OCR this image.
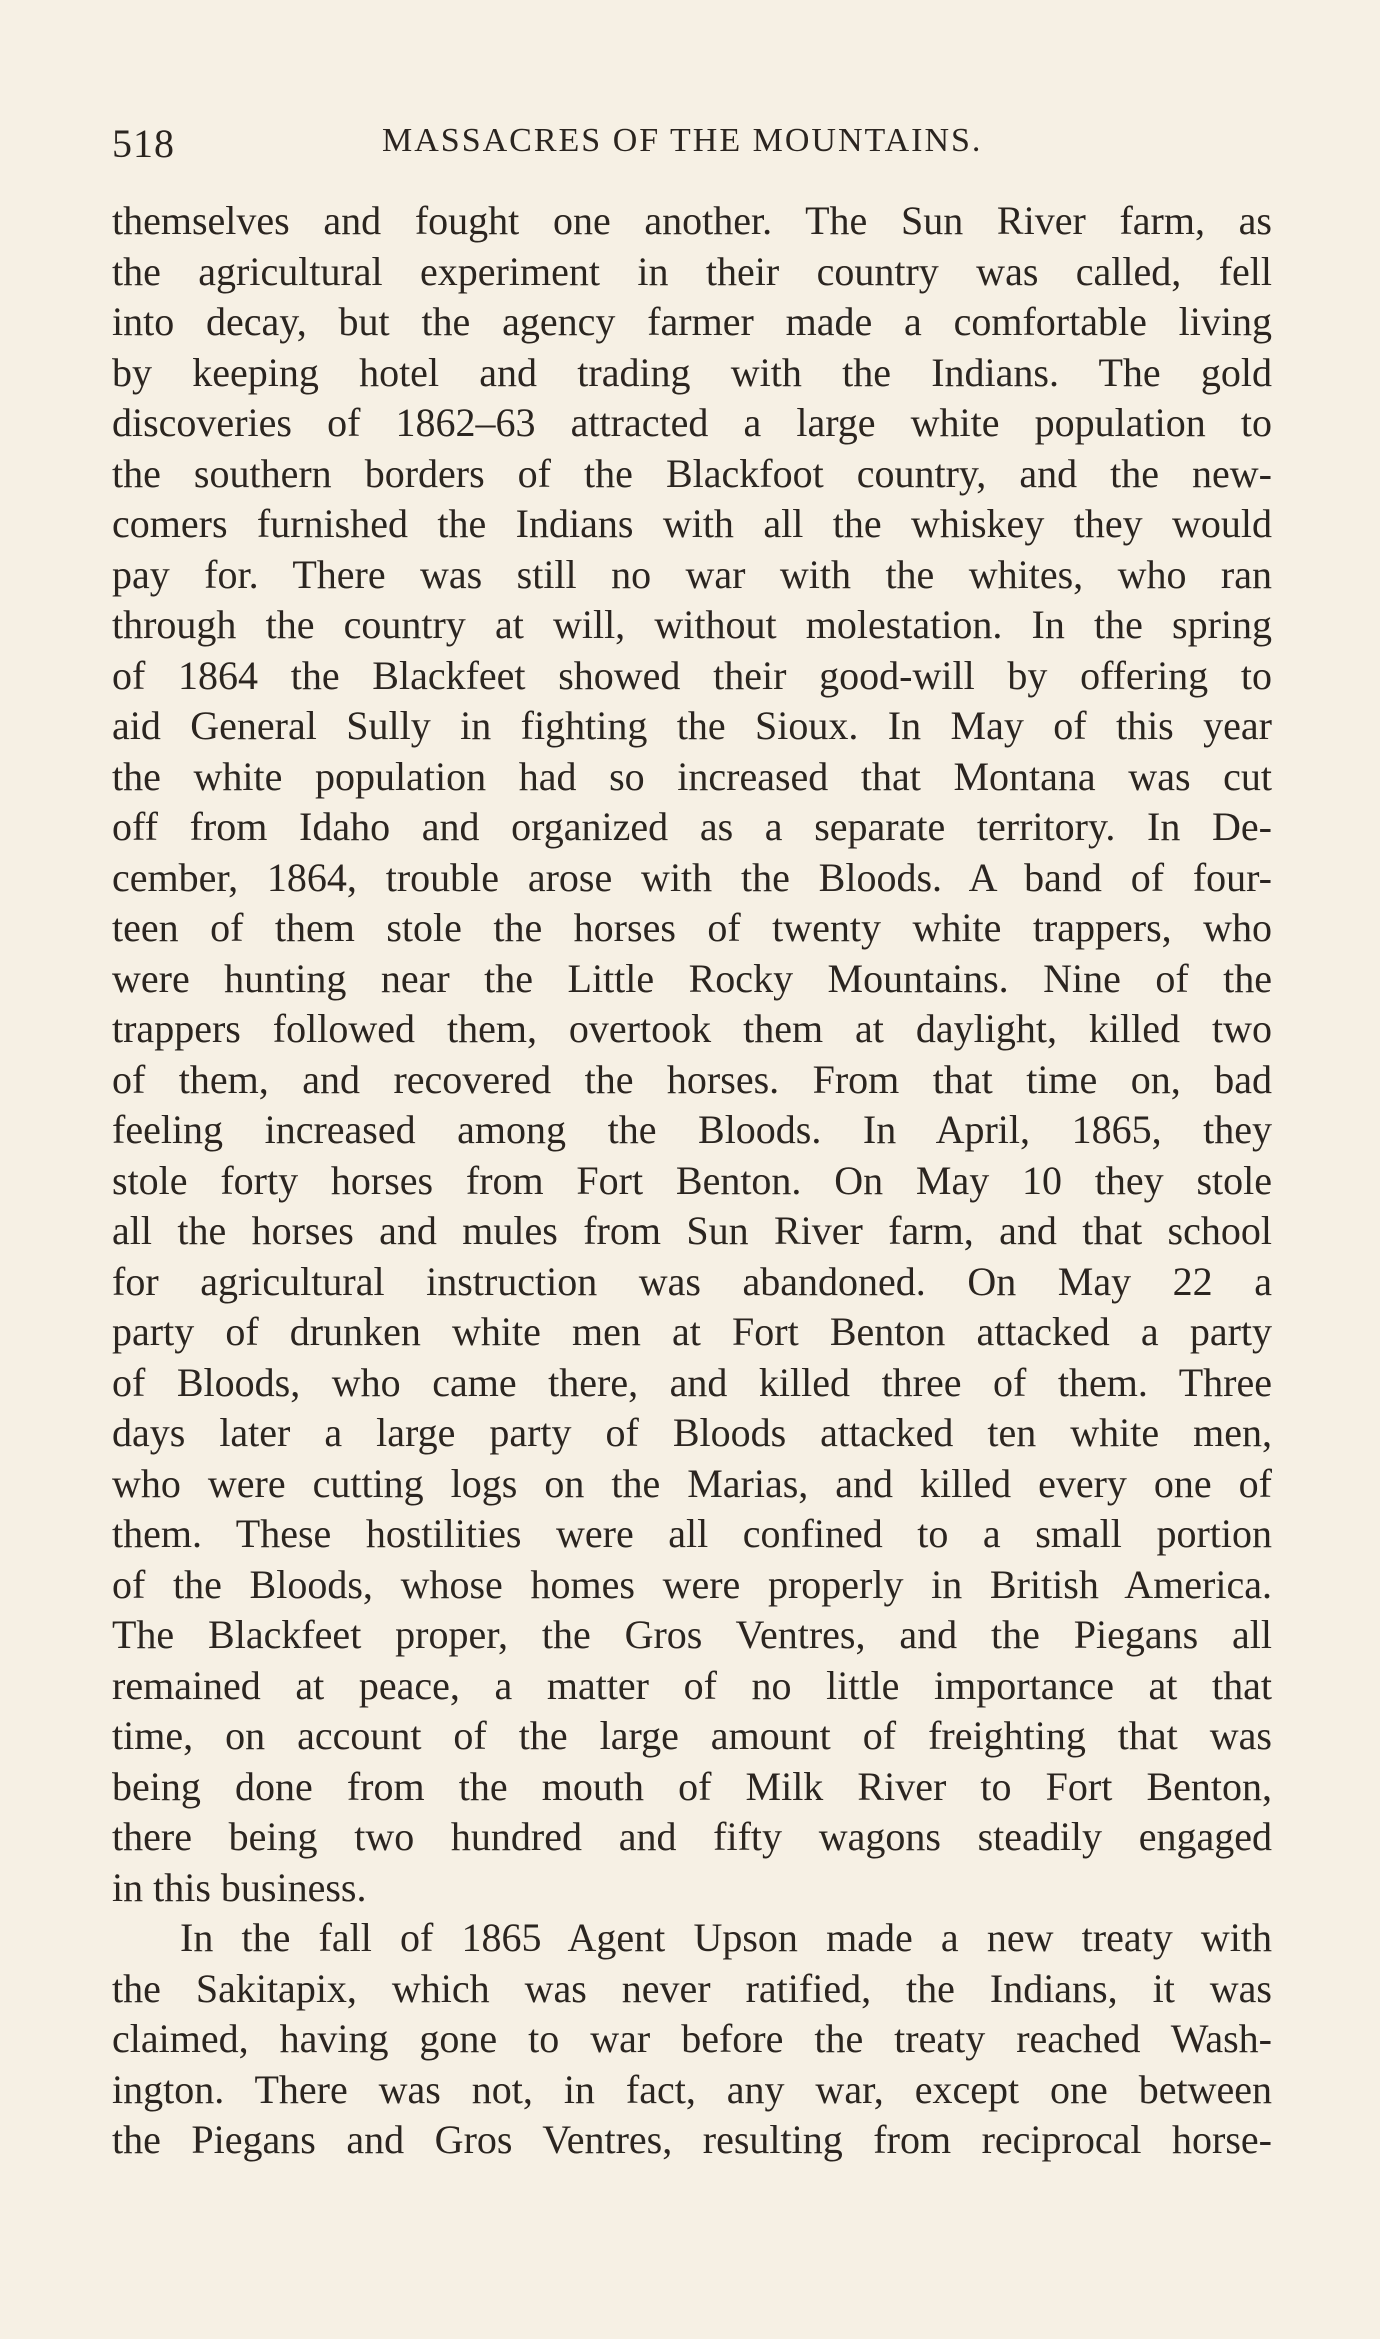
518	MASSACRES OF THE MOUNTAINS.
themselves and fought one another. The Sun River farm, as
the agricultural experiment in their country was called, fell
into decay, but the agency farmer made a comfortable living
by keeping hotel and trading with the Indians. The gold
discoveries of 1862–63 attracted a large white population to
the southern borders of the Blackfoot country, and the new-
comers furnished the Indians with all the whiskey they would
pay for. There was still no war with the whites, who ran
through the country at will, without molestation. In the spring
of 1864 the Blackfeet showed their good-will by offering to
aid General Sully in fighting the Sioux. In May of this year
the white population had so increased that Montana was cut
off from Idaho and organized as a separate territory. In De-
cember, 1864, trouble arose with the Bloods. A band of four-
teen of them stole the horses of twenty white trappers, who
were hunting near the Little Rocky Mountains. Nine of the
trappers followed them, overtook them at daylight, killed two
of them, and recovered the horses. From that time on, bad
feeling increased among the Bloods. In April, 1865, they
stole forty horses from Fort Benton. On May 10 they stole
all the horses and mules from Sun River farm, and that school
for agricultural instruction was abandoned. On May 22 a
party of drunken white men at Fort Benton attacked a party
of Bloods, who came there, and killed three of them. Three
days later a large party of Bloods attacked ten white men,
who were cutting logs on the Marias, and killed every one of
them. These hostilities were all confined to a small portion
of the Bloods, whose homes were properly in British America.
The Blackfeet proper, the Gros Ventres, and the Piegans all
remained at peace, a matter of no little importance at that
time, on account of the large amount of freighting that was
being done from the mouth of Milk River to Fort Benton,
there being two hundred and fifty wagons steadily engaged
in this business.
In the fall of 1865 Agent Upson made a new treaty with
the Sakitapix, which was never ratified, the Indians, it was
claimed, having gone to war before the treaty reached Wash-
ington. There was not, in fact, any war, except one between
the Piegans and Gros Ventres, resulting from reciprocal horse-
